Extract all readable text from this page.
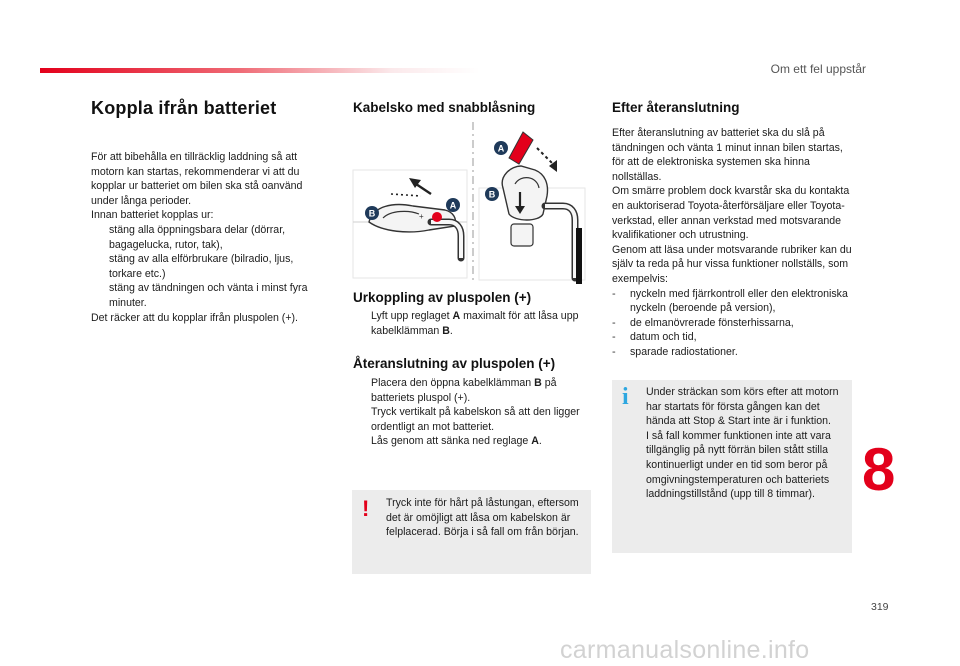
Om ett fel uppstår
Koppla ifrån batteriet
För att bibehålla en tillräcklig laddning så att motorn kan startas, rekommenderar vi att du kopplar ur batteriet om bilen ska stå oanvänd under långa perioder.
Innan batteriet kopplas ur:
stäng alla öppningsbara delar (dörrar, bagagelucka, rutor, tak),
stäng av alla elförbrukare (bilradio, ljus, torkare etc.)
stäng av tändningen och vänta i minst fyra minuter.
Det räcker att du kopplar ifrån pluspolen (+).
Kabelsko med snabblåsning
B
A
+
A
B
Urkoppling av pluspolen (+)
Lyft upp reglaget A maximalt för att låsa upp kabelklämman B.
Återanslutning av pluspolen (+)
Placera den öppna kabelklämman B på batteriets pluspol (+).
Tryck vertikalt på kabelskon så att den ligger ordentligt an mot batteriet.
Lås genom att sänka ned reglage A.
! Tryck inte för hårt på låstungan, eftersom det är omöjligt att låsa om kabelskon är felplacerad. Börja i så fall om från början.
Efter återanslutning
Efter återanslutning av batteriet ska du slå på tändningen och vänta 1 minut innan bilen startas, för att de elektroniska systemen ska hinna nollställas.
Om smärre problem dock kvarstår ska du kontakta en auktoriserad Toyota-återförsäljare eller Toyota-verkstad, eller annan verkstad med motsvarande kvalifikationer och utrustning.
Genom att läsa under motsvarande rubriker kan du själv ta reda på hur vissa funktioner nollställs, som exempelvis:
- nyckeln med fjärrkontroll eller den elektroniska nyckeln (beroende på version),
- de elmanövrerade fönsterhissarna,
- datum och tid,
- sparade radiostationer.
i	Under sträckan som körs efter att motorn har startats för första gången kan det hända att Stop & Start inte är i funktion.
I så fall kommer funktionen inte att vara tillgänglig på nytt förrän bilen stått stilla kontinuerligt under en tid som beror på omgivningstemperaturen och batteriets laddningstillstånd (upp till 8 timmar). 8
319
carmanualsonline.info
